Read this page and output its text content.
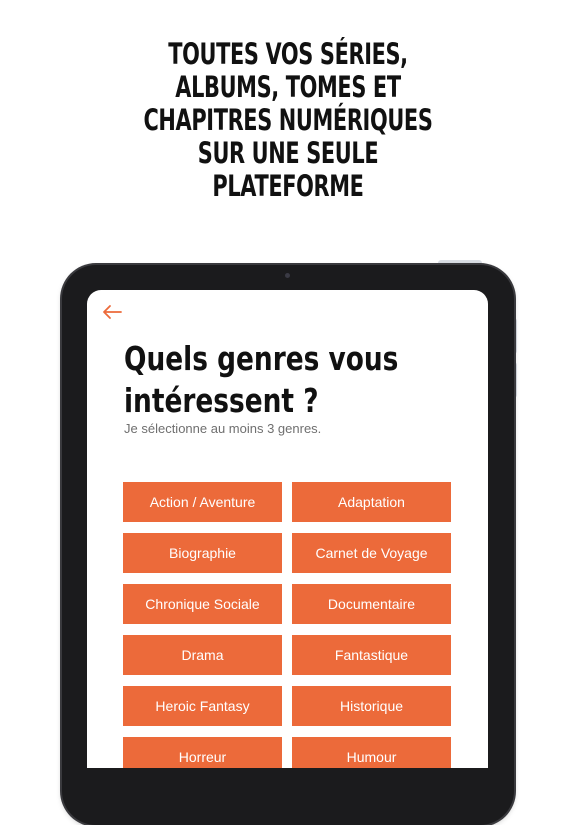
TOUTES VOS SÉRIES,
ALBUMS, TOMES ET
CHAPITRES NUMÉRIQUES
SUR UNE SEULE
PLATEFORME
Quels genres vous
intéressent ?
Je sélectionne au moins 3 genres.
Action / Aventure	Adaptation
Biographie	Carnet de Voyage
Chronique Sociale	Documentaire
Drama	Fantastique
Heroic Fantasy	Historique
Horreur	Humour
